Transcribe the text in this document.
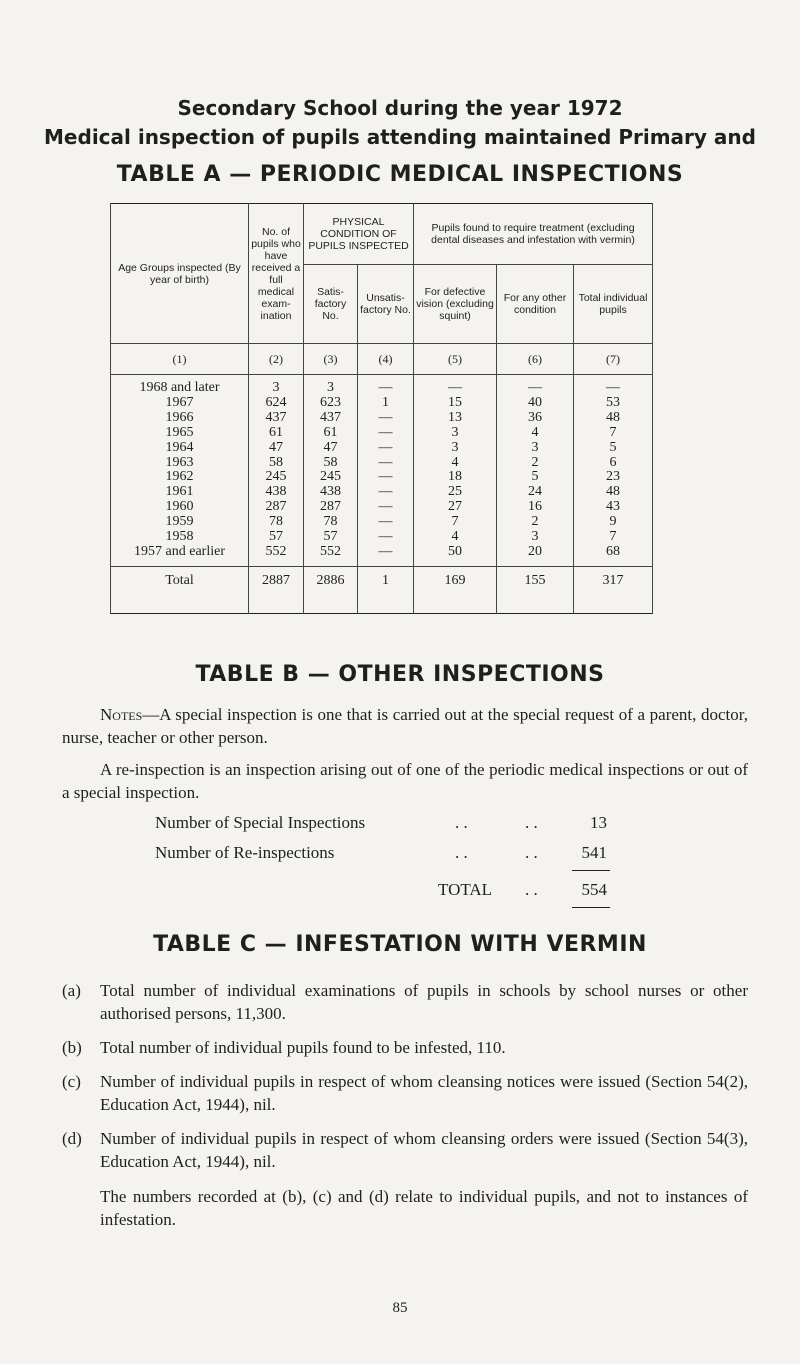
Secondary School during the year 1972
Medical inspection of pupils attending maintained Primary and
TABLE A — PERIODIC MEDICAL INSPECTIONS
Age Groups inspected (By year of birth)	No. of pupils who have received a full medical exam-ination	PHYSICAL CONDITION OF PUPILS INSPECTED		Pupils found to require treatment (excluding dental diseases and infestation with vermin)		
		Satis-factory No.	Unsatis-factory No.	For defective vision (excluding squint)	For any other condition	Total individual pupils
(1)	(2)	(3)	(4)	(5)	(6)	(7)
1968 and later	3	3	—	—	—	—
1967	624	623	1	15	40	53
1966	437	437	—	13	36	48
1965	61	61	—	3	4	7
1964	47	47	—	3	3	5
1963	58	58	—	4	2	6
1962	245	245	—	18	5	23
1961	438	438	—	25	24	48
1960	287	287	—	27	16	43
1959	78	78	—	7	2	9
1958	57	57	—	4	3	7
1957 and earlier	552	552	—	50	20	68
Total	2887	2886	1	169	155	317
TABLE B — OTHER INSPECTIONS

Notes—A special inspection is one that is carried out at the special request of a parent, doctor, nurse, teacher or other person.

A re-inspection is an inspection arising out of one of the periodic medical inspections or out of a special inspection.

Number of Special Inspections	. .	. .	13
Number of Re-inspections	. .	. .	541
TOTAL . .	554
TABLE C — INFESTATION WITH VERMIN
(a)	Total number of individual examinations of pupils in schools by school nurses or other authorised persons, 11,300.
(b)	Total number of individual pupils found to be infested, 110.
(c)	Number of individual pupils in respect of whom cleansing notices were issued (Section 54(2), Education Act, 1944), nil.
(d)	Number of individual pupils in respect of whom cleansing orders were issued (Section 54(3), Education Act, 1944), nil.
The numbers recorded at (b), (c) and (d) relate to individual pupils, and not to instances of infestation.
85
